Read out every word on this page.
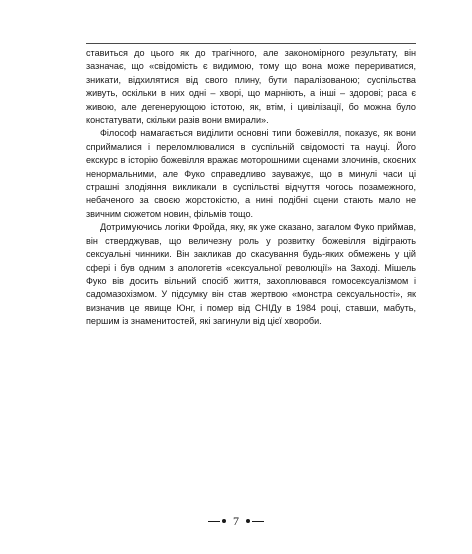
ставиться до цього як до трагічного, але закономірного результату, він зазначає, що «свідомість є видимою, тому що вона може перериватися, зникати, відхилятися від свого плину, бути паралізованою; суспільства живуть, оскільки в них одні – хворі, що марніють, а інші – здорові; раса є живою, але дегенерующою істотою, як, втім, і цивілізації, бо можна було констатувати, скільки разів вони вмирали».

Філософ намагається виділити основні типи божевілля, показує, як вони сприймалися і переломлювалися в суспільній свідомості та науці. Його екскурс в історію божевілля вражає моторошними сценами злочинів, скоєних ненормальними, але Фуко справедливо зауважує, що в минулі часи ці страшні злодіяння викликали в суспільстві відчуття чогось позамежного, небаченого за своєю жорстокістю, а нині подібні сцени стають мало не звичним сюжетом новин, фільмів тощо.

Дотримуючись логіки Фройда, яку, як уже сказано, загалом Фуко приймав, він стверджував, що величезну роль у розвитку божевілля відіграють сексуальні чинники. Він закликав до скасування будь-яких обмежень у цій сфері і був одним з апологетів «сексуальної революції» на Заході. Мішель Фуко вів досить вільний спосіб життя, захоплювався гомосексуалізмом і садомазохізмом. У підсумку він став жертвою «монстра сексуальності», як визначив це явище Юнг, і помер від СНІДу в 1984 році, ставши, мабуть, першим із знаменитостей, які загинули від цієї хвороби.

7
